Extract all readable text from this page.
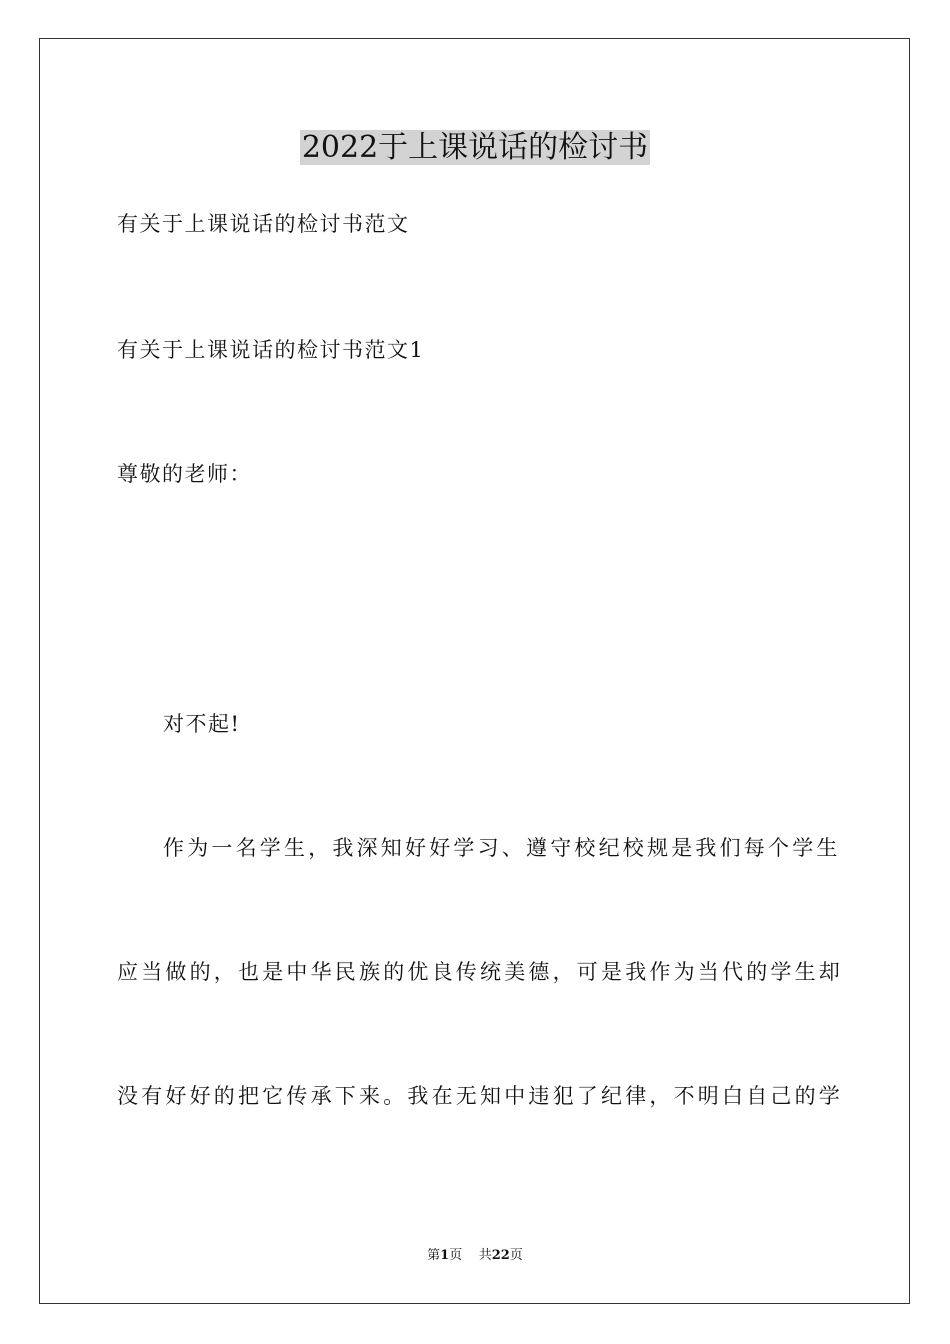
2022于上课说话的检讨书
有关于上课说话的检讨书范文
有关于上课说话的检讨书范文1
尊敬的老师：
对不起!
作为一名学生，我深知好好学习、遵守校纪校规是我们每个学生
应当做的，也是中华民族的优良传统美德，可是我作为当代的学生却
没有好好的把它传承下来。我在无知中违犯了纪律，不明白自己的学
第1页 共22页
